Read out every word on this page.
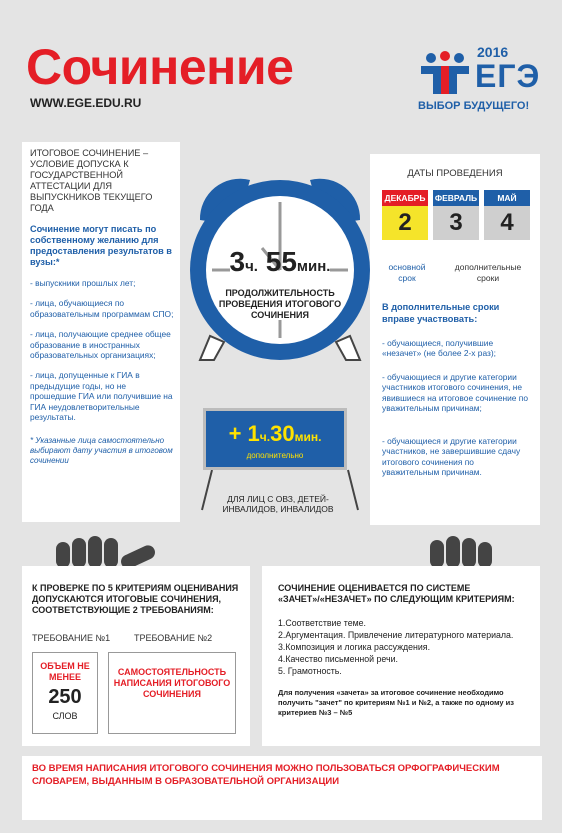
Сочинение
WWW.EGE.EDU.RU
2016
ЕГЭ
ВЫБОР БУДУЩЕГО!
ИТОГОВОЕ СОЧИНЕНИЕ – УСЛОВИЕ ДОПУСКА К ГОСУДАРСТВЕННОЙ АТТЕСТАЦИИ ДЛЯ ВЫПУСКНИКОВ ТЕКУЩЕГО ГОДА
Сочинение могут писать по собственному желанию для предоставления результатов в вузы:*
- выпускники прошлых лет;
- лица, обучающиеся по образовательным программам СПО;
- лица, получающие среднее общее образование в иностранных образовательных организациях;
- лица, допущенные к ГИА в предыдущие годы, но не прошедшие ГИА или получившие на ГИА неудовлетворительные результаты.
* Указанные лица самостоятельно выбирают дату участия в итоговом сочинении
3ч. 55мин.
ПРОДОЛЖИТЕЛЬНОСТЬ ПРОВЕДЕНИЯ ИТОГОВОГО СОЧИНЕНИЯ
+ 1ч.30мин.
дополнительно
ДЛЯ ЛИЦ С ОВЗ, ДЕТЕЙ-ИНВАЛИДОВ, ИНВАЛИДОВ
ДАТЫ ПРОВЕДЕНИЯ
ДЕКАБРЬ
2
ФЕВРАЛЬ
3
МАЙ
4
основной срок
дополнительные сроки
В дополнительные сроки вправе участвовать:
- обучающиеся, получившие «незачет» (не более 2-х раз);
- обучающиеся и другие категории участников итогового сочинения, не явившиеся на итоговое сочинение по уважительным причинам;
- обучающиеся и другие категории участников, не завершившие сдачу итогового сочинения по уважительным причинам.
К ПРОВЕРКЕ ПО 5 КРИТЕРИЯМ ОЦЕНИВАНИЯ ДОПУСКАЮТСЯ ИТОГОВЫЕ СОЧИНЕНИЯ, СООТВЕТСТВУЮЩИЕ 2 ТРЕБОВАНИЯМ:
ТРЕБОВАНИЕ №1	ТРЕБОВАНИЕ №2
ОБЪЕМ НЕ МЕНЕЕ
250
СЛОВ
САМОСТОЯТЕЛЬНОСТЬ НАПИСАНИЯ ИТОГОВОГО СОЧИНЕНИЯ
СОЧИНЕНИЕ ОЦЕНИВАЕТСЯ ПО СИСТЕМЕ «ЗАЧЕТ»/«НЕЗАЧЕТ» ПО СЛЕДУЮЩИМ КРИТЕРИЯМ:
1.Соответствие теме.
2.Аргументация. Привлечение литературного материала.
3.Композиция и логика рассуждения.
4.Качество письменной речи.
5. Грамотность.
Для получения «зачета» за итоговое сочинение необходимо получить "зачет" по критериям №1 и №2, а также по одному из критериев №3 – №5
ВО ВРЕМЯ НАПИСАНИЯ ИТОГОВОГО СОЧИНЕНИЯ МОЖНО ПОЛЬЗОВАТЬСЯ ОРФОГРАФИЧЕСКИМ СЛОВАРЕМ, ВЫДАННЫМ В ОБРАЗОВАТЕЛЬНОЙ ОРГАНИЗАЦИИ
